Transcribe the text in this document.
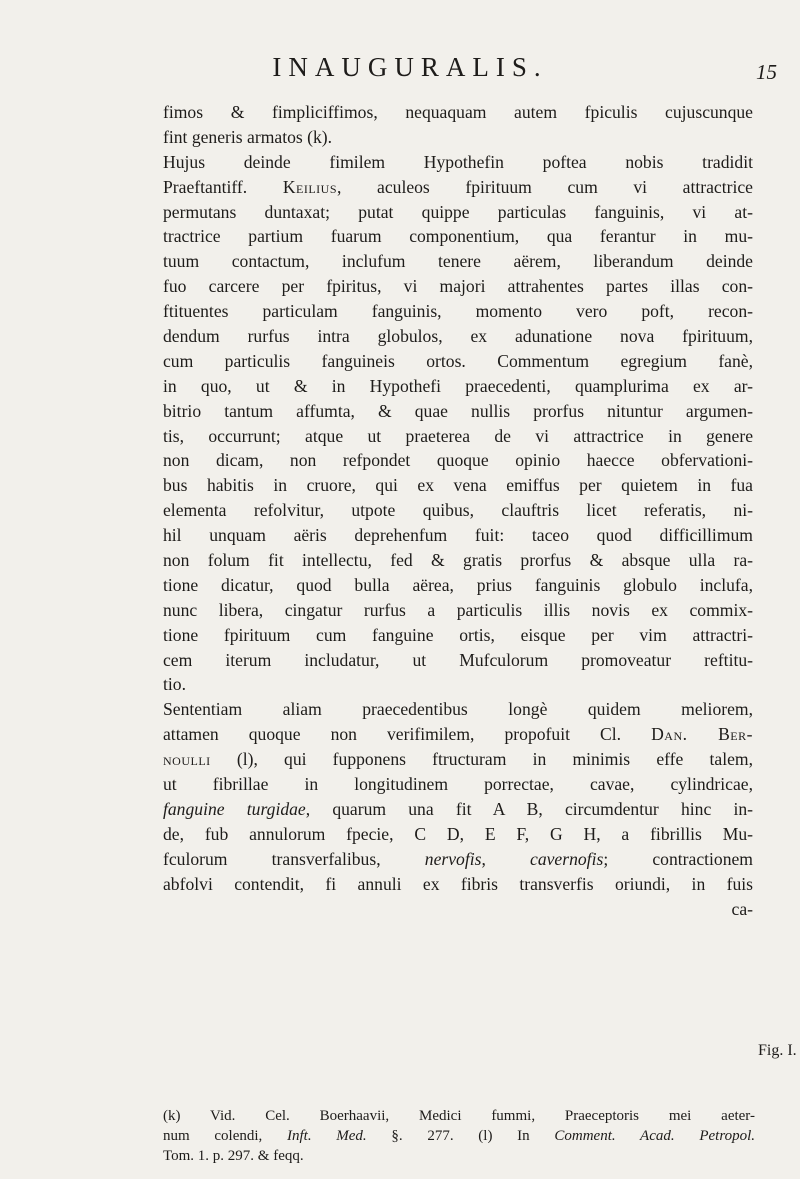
INAUGURALIS.	15
fimos & fimpliciffimos, nequaquam autem fpiculis cujuscunque
fint generis armatos (k).
Hujus deinde fimilem Hypothefin poftea nobis tradidit
Praeftantiff. Keilius, aculeos fpirituum cum vi attractrice
permutans duntaxat; putat quippe particulas fanguinis, vi at-
tractrice partium fuarum componentium, qua ferantur in mu-
tuum contactum, inclufum tenere aërem, liberandum deinde
fuo carcere per fpiritus, vi majori attrahentes partes illas con-
ftituentes particulam fanguinis, momento vero poft, recon-
dendum rurfus intra globulos, ex adunatione nova fpirituum,
cum particulis fanguineis ortos. Commentum egregium fanè,
in quo, ut & in Hypothefi praecedenti, quamplurima ex ar-
bitrio tantum affumta, & quae nullis prorfus nituntur argumen-
tis, occurrunt; atque ut praeterea de vi attractrice in genere
non dicam, non refpondet quoque opinio haecce obfervationi-
bus habitis in cruore, qui ex vena emiffus per quietem in fua
elementa refolvitur, utpote quibus, clauftris licet referatis, ni-
hil unquam aëris deprehenfum fuit: taceo quod difficillimum
non folum fit intellectu, fed & gratis prorfus & absque ulla ra-
tione dicatur, quod bulla aërea, prius fanguinis globulo inclufa,
nunc libera, cingatur rurfus a particulis illis novis ex commix-
tione fpirituum cum fanguine ortis, eisque per vim attractri-
cem iterum includatur, ut Mufculorum promoveatur reftitu-
tio.
Sententiam aliam praecedentibus longè quidem meliorem,
attamen quoque non verifimilem, propofuit Cl. Dan. Ber-
noulli (l), qui fupponens ftructuram in minimis effe talem,
ut fibrillae in longitudinem porrectae, cavae, cylindricae,
fanguine turgidae, quarum una fit A B, circumdentur hinc in-
de, fub annulorum fpecie, C D, E F, G H, a fibrillis Mu-
fculorum transverfalibus, nervofis, cavernofis; contractionem
abfolvi contendit, fi annuli ex fibris transverfis oriundi, in fuis
ca-
Fig. I.
(k) Vid. Cel. Boerhaavii, Medici fummi, Praeceptoris mei aeter-
num colendi, Inft. Med. §. 277. (l) In Comment. Acad. Petropol.
Tom. 1. p. 297. & feqq.
